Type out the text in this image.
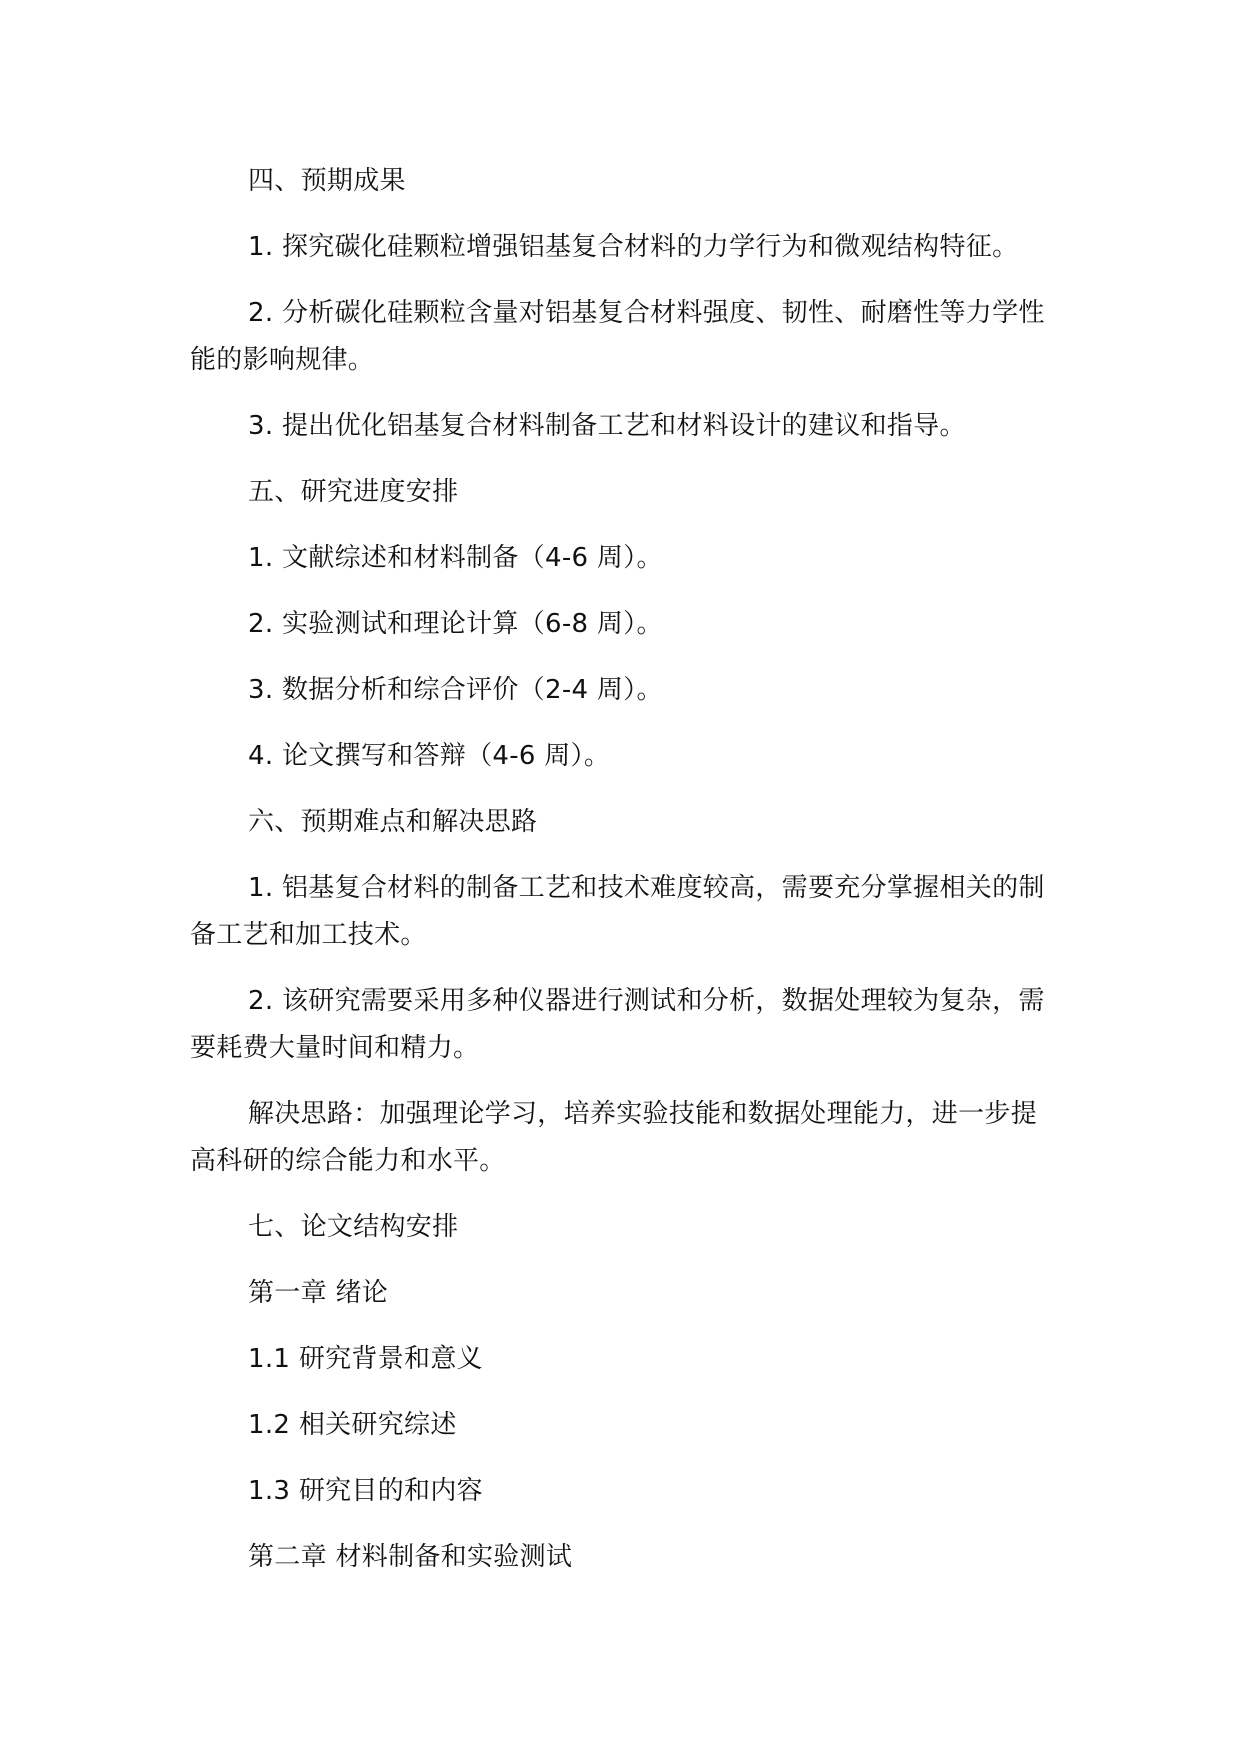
四、预期成果

1. 探究碳化硅颗粒增强铝基复合材料的力学行为和微观结构特征。

2. 分析碳化硅颗粒含量对铝基复合材料强度、韧性、耐磨性等力学性能的影响规律。

3. 提出优化铝基复合材料制备工艺和材料设计的建议和指导。

五、研究进度安排

1. 文献综述和材料制备（4-6 周）。

2. 实验测试和理论计算（6-8 周）。

3. 数据分析和综合评价（2-4 周）。

4. 论文撰写和答辩（4-6 周）。

六、预期难点和解决思路

1. 铝基复合材料的制备工艺和技术难度较高，需要充分掌握相关的制备工艺和加工技术。

2. 该研究需要采用多种仪器进行测试和分析，数据处理较为复杂，需要耗费大量时间和精力。

解决思路：加强理论学习，培养实验技能和数据处理能力，进一步提高科研的综合能力和水平。

七、论文结构安排

第一章 绪论

1.1 研究背景和意义

1.2 相关研究综述

1.3 研究目的和内容

第二章 材料制备和实验测试
